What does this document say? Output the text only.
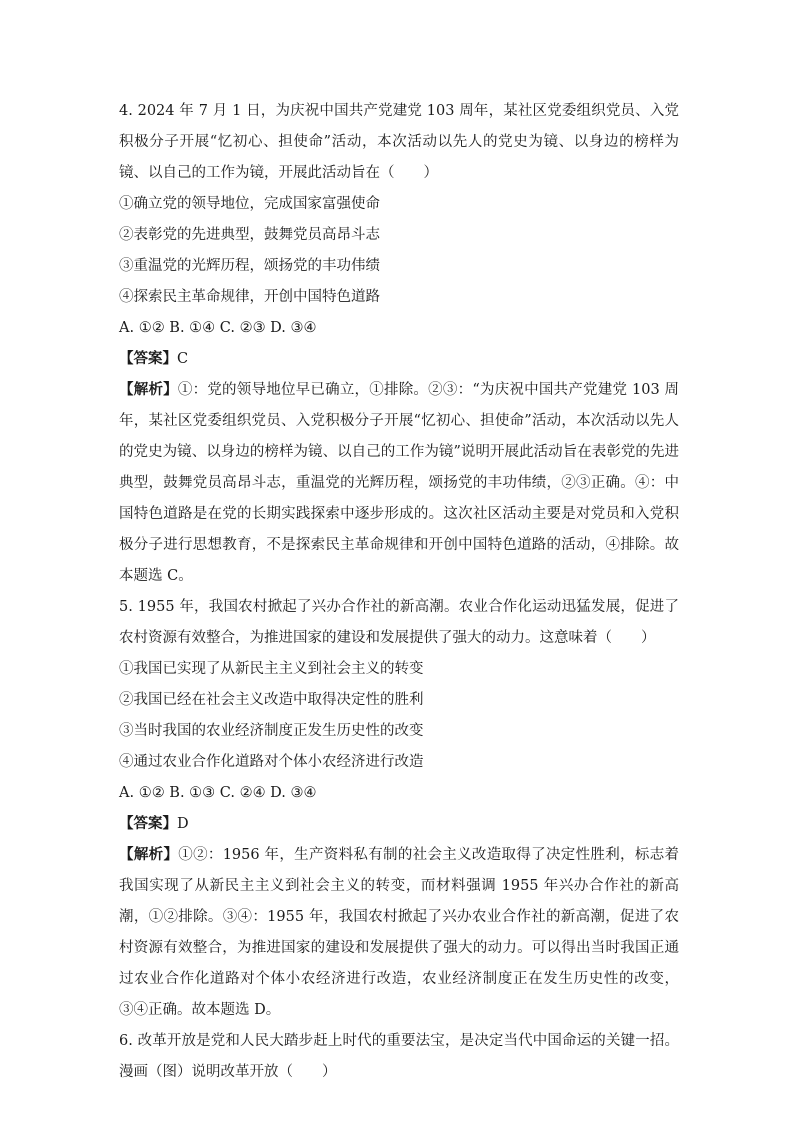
4. 2024 年 7 月 1 日，为庆祝中国共产党建党 103 周年，某社区党委组织党员、入党积极分子开展“忆初心、担使命”活动，本次活动以先人的党史为镜、以身边的榜样为镜、以自己的工作为镜，开展此活动旨在（　　）
①确立党的领导地位，完成国家富强使命
②表彰党的先进典型，鼓舞党员高昂斗志
③重温党的光辉历程，颂扬党的丰功伟绩
④探索民主革命规律，开创中国特色道路
A. ①② B. ①④ C. ②③ D. ③④
【答案】C
【解析】①：党的领导地位早已确立，①排除。②③：“为庆祝中国共产党建党 103 周年，某社区党委组织党员、入党积极分子开展“忆初心、担使命”活动，本次活动以先人的党史为镜、以身边的榜样为镜、以自己的工作为镜”说明开展此活动旨在表彰党的先进典型，鼓舞党员高昂斗志，重温党的光辉历程，颂扬党的丰功伟绩，②③正确。④：中国特色道路是在党的长期实践探索中逐步形成的。这次社区活动主要是对党员和入党积极分子进行思想教育，不是探索民主革命规律和开创中国特色道路的活动，④排除。故本题选 C。
5. 1955 年，我国农村掀起了兴办合作社的新高潮。农业合作化运动迅猛发展，促进了农村资源有效整合，为推进国家的建设和发展提供了强大的动力。这意味着（　　）
①我国已实现了从新民主主义到社会主义的转变
②我国已经在社会主义改造中取得决定性的胜利
③当时我国的农业经济制度正发生历史性的改变
④通过农业合作化道路对个体小农经济进行改造
A. ①② B. ①③ C. ②④ D. ③④
【答案】D
【解析】①②：1956 年，生产资料私有制的社会主义改造取得了决定性胜利，标志着我国实现了从新民主主义到社会主义的转变，而材料强调 1955 年兴办合作社的新高潮，①②排除。③④：1955 年，我国农村掀起了兴办农业合作社的新高潮，促进了农村资源有效整合，为推进国家的建设和发展提供了强大的动力。可以得出当时我国正通过农业合作化道路对个体小农经济进行改造，农业经济制度正在发生历史性的改变，③④正确。故本题选 D。
6. 改革开放是党和人民大踏步赶上时代的重要法宝，是决定当代中国命运的关键一招。漫画（图）说明改革开放（　　）
